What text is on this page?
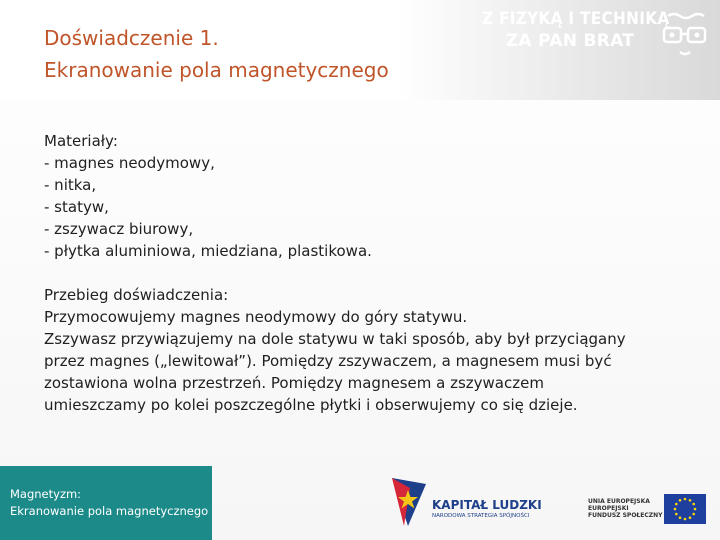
Doświadczenie 1.
Ekranowanie pola magnetycznego
Z FIZYKĄ I TECHNIKĄ
ZA PAN BRAT
Materiały:
- magnes neodymowy,
- nitka,
- statyw,
- zszywacz biurowy,
- płytka aluminiowa, miedziana, plastikowa.
Przebieg doświadczenia:
Przymocowujemy magnes neodymowy do góry statywu.
Zszywasz przywiązujemy na dole statywu w taki sposób, aby był przyciągany
przez magnes („lewitował”). Pomiędzy zszywaczem, a magnesem musi być
zostawiona wolna przestrzeń. Pomiędzy magnesem a zszywaczem
umieszczamy po kolei poszczególne płytki i obserwujemy co się dzieje.
Magnetyzm:
Ekranowanie pola magnetycznego	KAPITAŁ LUDZKI
NARODOWA STRATEGIA SPÓJNOŚCI
UNIA EUROPEJSKA
EUROPEJSKI
FUNDUSZ SPOŁECZNY
